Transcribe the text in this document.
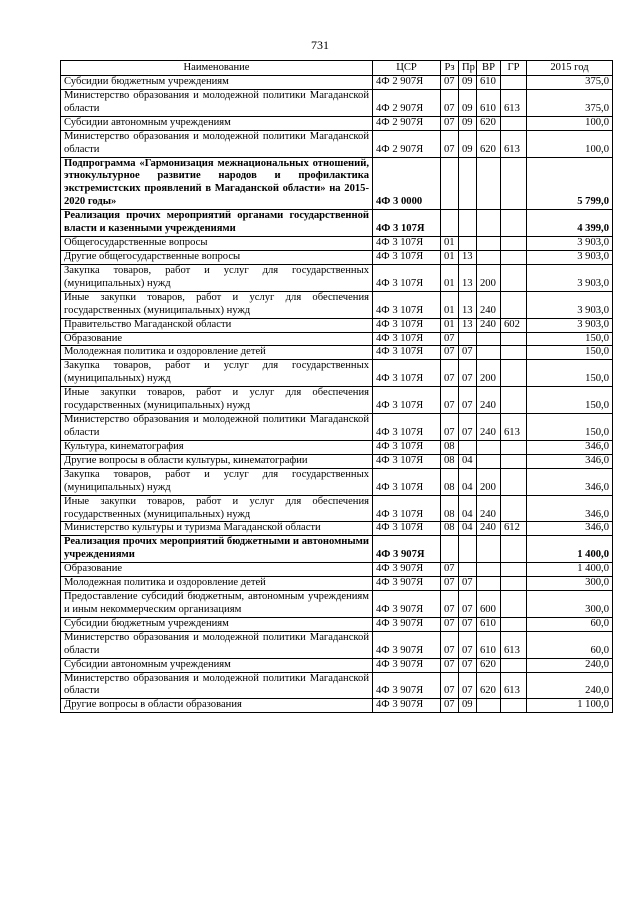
731
Наименование	ЦСР	Рз	Пр	ВР	ГР	2015 год
Субсидии бюджетным учреждениям	4Ф 2 907Я	07	09	610		375,0
Министерство образования и молодежной политики Магаданской области	4Ф 2 907Я	07	09	610	613	375,0
Субсидии автономным учреждениям	4Ф 2 907Я	07	09	620		100,0
Министерство образования и молодежной политики Магаданской области	4Ф 2 907Я	07	09	620	613	100,0
Подпрограмма «Гармонизация межнациональных отношений, этнокультурное развитие народов и профилактика экстремистских проявлений в Магаданской области» на 2015-2020 годы»	4Ф 3 0000					5 799,0
Реализация прочих мероприятий органами государственной власти и казенными учреждениями	4Ф 3 107Я					4 399,0
Общегосударственные вопросы	4Ф 3 107Я	01				3 903,0
Другие общегосударственные вопросы	4Ф 3 107Я	01	13			3 903,0
Закупка товаров, работ и услуг для государственных (муниципальных) нужд	4Ф 3 107Я	01	13	200		3 903,0
Иные закупки товаров, работ и услуг для обеспечения государственных (муниципальных) нужд	4Ф 3 107Я	01	13	240		3 903,0
Правительство Магаданской области	4Ф 3 107Я	01	13	240	602	3 903,0
Образование	4Ф 3 107Я	07				150,0
Молодежная политика и оздоровление детей	4Ф 3 107Я	07	07			150,0
Закупка товаров, работ и услуг для государственных (муниципальных) нужд	4Ф 3 107Я	07	07	200		150,0
Иные закупки товаров, работ и услуг для обеспечения государственных (муниципальных) нужд	4Ф 3 107Я	07	07	240		150,0
Министерство образования и молодежной политики Магаданской области	4Ф 3 107Я	07	07	240	613	150,0
Культура, кинематография	4Ф 3 107Я	08				346,0
Другие вопросы в области культуры, кинематографии	4Ф 3 107Я	08	04			346,0
Закупка товаров, работ и услуг для государственных (муниципальных) нужд	4Ф 3 107Я	08	04	200		346,0
Иные закупки товаров, работ и услуг для обеспечения государственных (муниципальных) нужд	4Ф 3 107Я	08	04	240		346,0
Министерство культуры и туризма Магаданской области	4Ф 3 107Я	08	04	240	612	346,0
Реализация прочих мероприятий бюджетными и автономными учреждениями	4Ф 3 907Я					1 400,0
Образование	4Ф 3 907Я	07				1 400,0
Молодежная политика и оздоровление детей	4Ф 3 907Я	07	07			300,0
Предоставление субсидий бюджетным, автономным учреждениям и иным некоммерческим организациям	4Ф 3 907Я	07	07	600		300,0
Субсидии бюджетным учреждениям	4Ф 3 907Я	07	07	610		60,0
Министерство образования и молодежной политики Магаданской области	4Ф 3 907Я	07	07	610	613	60,0
Субсидии автономным учреждениям	4Ф 3 907Я	07	07	620		240,0
Министерство образования и молодежной политики Магаданской области	4Ф 3 907Я	07	07	620	613	240,0
Другие вопросы в области образования	4Ф 3 907Я	07	09			1 100,0
